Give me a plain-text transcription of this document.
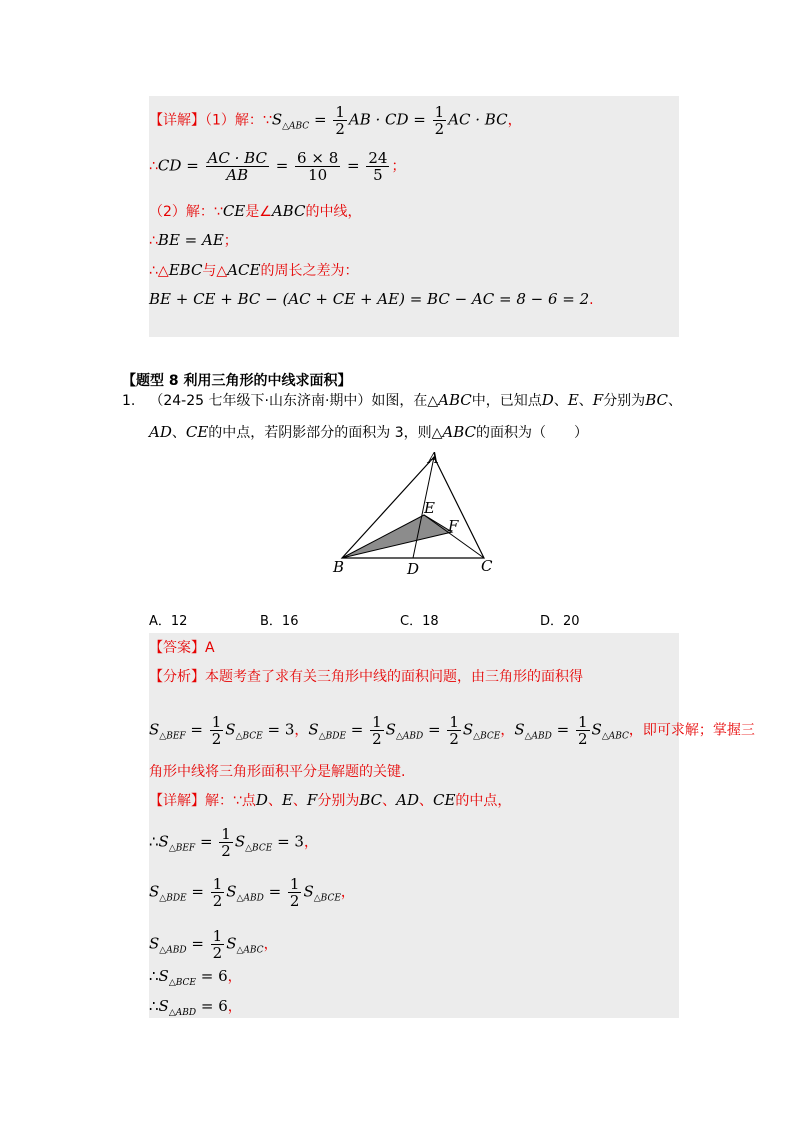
【详解】（1）解：$\because S_{\triangle ABC} = \frac{1}{2}$ AB · CD = $\frac{1}{2}$ AC · BC，
∴CD = $\frac{AC \cdot BC}{AB} = \frac{6 \times 8}{10} = \frac{24}{5}$ ；
（2）解：∵CE是∠ABC的中线，
∴BE = AE；
∴△EBC与△ACE的周长之差为：
BE + CE + BC − (AC + CE + AE) = BC − AC = 8 − 6 = 2.
【题型 8 利用三角形的中线求面积】
1. （24-25 七年级下·山东济南·期中）如图，在△ABC中，已知点D、E、F分别为BC、
AD、CE的中点，若阴影部分的面积为 3，则△ABC的面积为（　　）
A
B	C
D
E
F
A．12	B．16	C．18	D．20
【答案】A
【分析】本题考查了求有关三角形中线的面积问题，由三角形的面积得
$S_{\triangle BEF} = \frac{1}{2} S_{\triangle BCE} = 3$，$S_{\triangle BDE} = \frac{1}{2} S_{\triangle ABD} = \frac{1}{2} S_{\triangle BCE}$，$S_{\triangle ABD} = \frac{1}{2} S_{\triangle ABC}$，即可求解；掌握三
角形中线将三角形面积平分是解题的关键.
【详解】解：∵点D、E、F分别为BC、AD、CE的中点，
$\therefore S_{\triangle BEF} = \frac{1}{2} S_{\triangle BCE} = 3$，
$S_{\triangle BDE} = \frac{1}{2} S_{\triangle ABD} = \frac{1}{2} S_{\triangle BCE}$，
$S_{\triangle ABD} = \frac{1}{2} S_{\triangle ABC}$，
$\therefore S_{\triangle BCE} = 6$，
$\therefore S_{\triangle ABD} = 6$，
